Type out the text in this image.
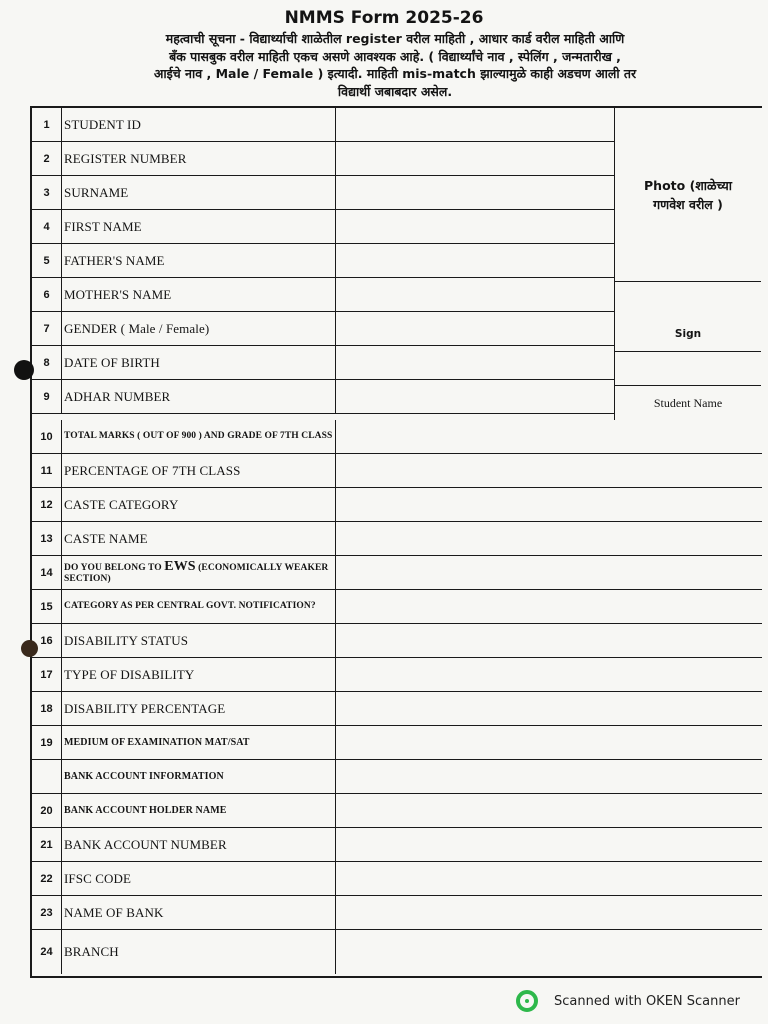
NMMS Form 2025-26
महत्वाची सूचना - विद्यार्थ्याची शाळेतील register वरील माहिती , आधार कार्ड वरील माहिती आणि
बँक पासबुक वरील माहिती एकच असणे आवश्यक आहे. ( विद्यार्थ्यांचे नाव , स्पेलिंग , जन्मतारीख ,
आईचे नाव , Male / Female ) इत्यादी. माहिती mis-match झाल्यामुळे काही अडचण आली तर
विद्यार्थी जबाबदार असेल.
1	STUDENT ID
2	REGISTER NUMBER
3	SURNAME
4	FIRST NAME
5	FATHER'S NAME
6	MOTHER'S NAME
7	GENDER ( Male / Female)
8	DATE OF BIRTH
9	ADHAR NUMBER
Photo (शाळेच्या
गणवेश वरील )
Sign
Student Name
10	TOTAL MARKS ( OUT OF 900 ) AND GRADE OF 7TH CLASS
11 PERCENTAGE OF 7TH CLASS
12 CASTE CATEGORY
13 CASTE NAME
14	DO YOU BELONG TO EWS (ECONOMICALLY WEAKER SECTION)
15	CATEGORY AS PER CENTRAL GOVT. NOTIFICATION?
16 DISABILITY STATUS
17 TYPE OF DISABILITY
18 DISABILITY PERCENTAGE
19	MEDIUM OF EXAMINATION MAT/SAT
BANK ACCOUNT INFORMATION
20	BANK ACCOUNT HOLDER NAME
21 BANK ACCOUNT NUMBER
22 IFSC CODE
23 NAME OF BANK
24 BRANCH
Scanned with OKEN Scanner
